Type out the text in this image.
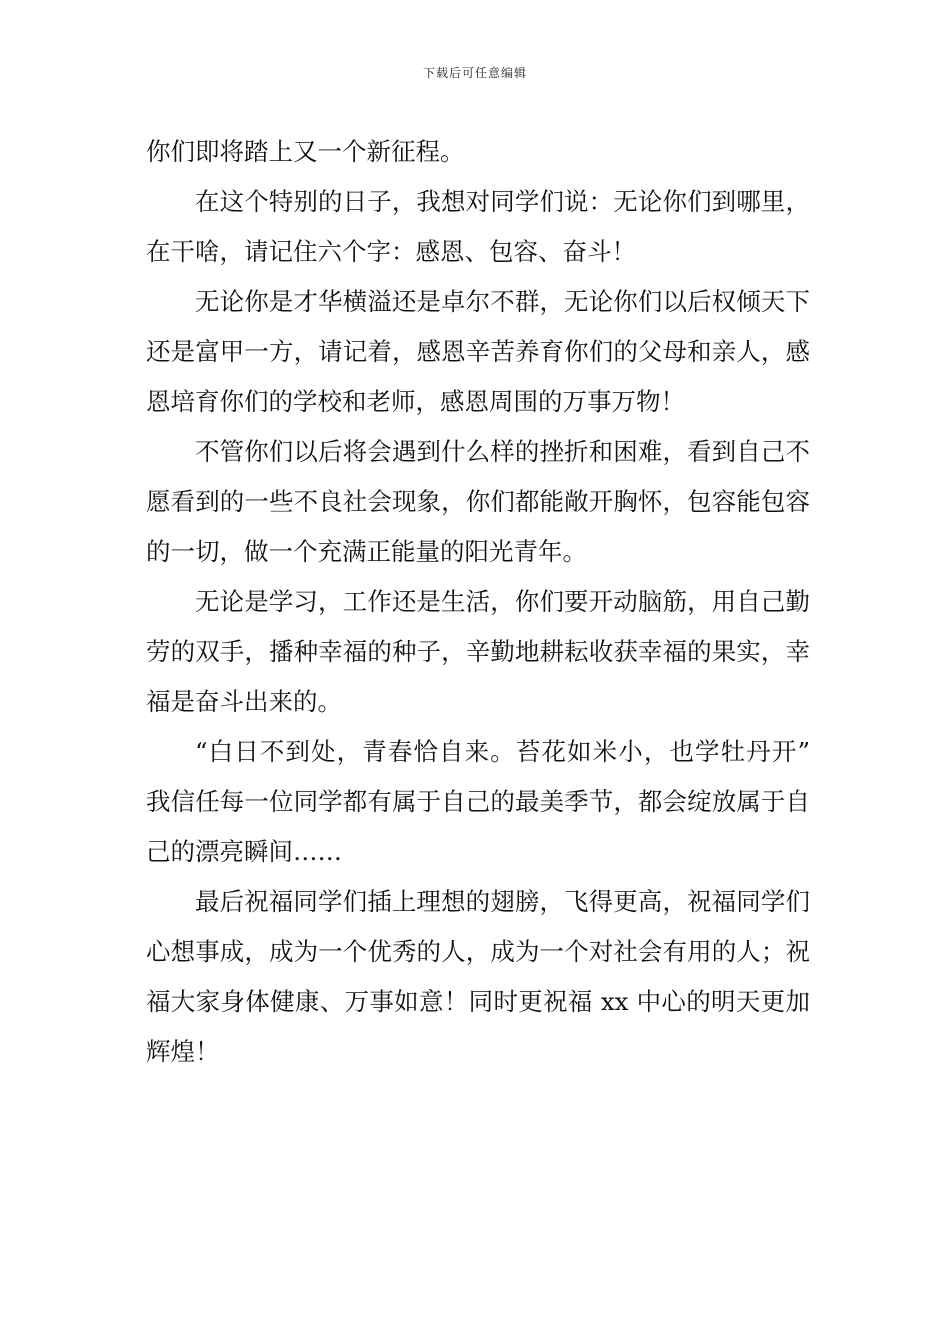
下载后可任意编辑

你们即将踏上又一个新征程。

在这个特别的日子，我想对同学们说：无论你们到哪里，在干啥，请记住六个字：感恩、包容、奋斗！

无论你是才华横溢还是卓尔不群，无论你们以后权倾天下还是富甲一方，请记着，感恩辛苦养育你们的父母和亲人，感恩培育你们的学校和老师，感恩周围的万事万物！

不管你们以后将会遇到什么样的挫折和困难，看到自己不愿看到的一些不良社会现象，你们都能敞开胸怀，包容能包容的一切，做一个充满正能量的阳光青年。

无论是学习，工作还是生活，你们要开动脑筋，用自己勤劳的双手，播种幸福的种子，辛勤地耕耘收获幸福的果实，幸福是奋斗出来的。

“白日不到处，青春恰自来。苔花如米小，也学牡丹开”  我信任每一位同学都有属于自己的最美季节，都会绽放属于自己的漂亮瞬间……

最后祝福同学们插上理想的翅膀，飞得更高，祝福同学们心想事成，成为一个优秀的人，成为一个对社会有用的人；祝福大家身体健康、万事如意！同时更祝福 xx 中心的明天更加辉煌！
